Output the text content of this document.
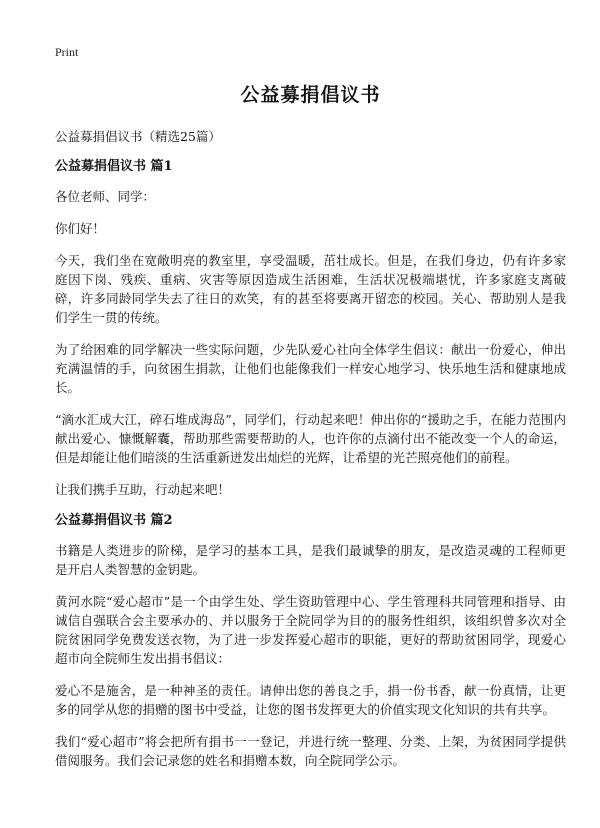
Print
公益募捐倡议书
公益募捐倡议书（精选25篇）
公益募捐倡议书 篇1

各位老师、同学：

你们好！

今天，我们坐在宽敞明亮的教室里，享受温暖，茁壮成长。但是，在我们身边，仍有许多家庭因下岗、残疾、重病、灾害等原因造成生活困难，生活状况极端堪忧，许多家庭支离破碎，许多同龄同学失去了往日的欢笑，有的甚至将要离开留恋的校园。关心、帮助别人是我们学生一贯的传统。

为了给困难的同学解决一些实际问题，少先队爱心社向全体学生倡议：献出一份爱心，伸出充满温情的手，向贫困生捐款，让他们也能像我们一样安心地学习、快乐地生活和健康地成长。

“滴水汇成大江，碎石堆成海岛”，同学们，行动起来吧！伸出你的“援助之手，在能力范围内献出爱心、慷慨解囊，帮助那些需要帮助的人，也许你的点滴付出不能改变一个人的命运，但是却能让他们暗淡的生活重新迸发出灿烂的光辉，让希望的光芒照亮他们的前程。

让我们携手互助，行动起来吧！

公益募捐倡议书 篇2

书籍是人类进步的阶梯，是学习的基本工具，是我们最诚挚的朋友，是改造灵魂的工程师更是开启人类智慧的金钥匙。

黄河水院“爱心超市”是一个由学生处、学生资助管理中心、学生管理科共同管理和指导、由诚信自强联合会主要承办的、并以服务于全院同学为目的的服务性组织，该组织曾多次对全院贫困同学免费发送衣物，为了进一步发挥爱心超市的职能，更好的帮助贫困同学，现爱心超市向全院师生发出捐书倡议：

爱心不是施舍，是一种神圣的责任。请伸出您的善良之手，捐一份书香，献一份真情，让更多的同学从您的捐赠的图书中受益，让您的图书发挥更大的价值实现文化知识的共有共享。

我们“爱心超市”将会把所有捐书一一登记，并进行统一整理、分类、上架，为贫困同学提供借阅服务。我们会记录您的姓名和捐赠本数，向全院同学公示。
